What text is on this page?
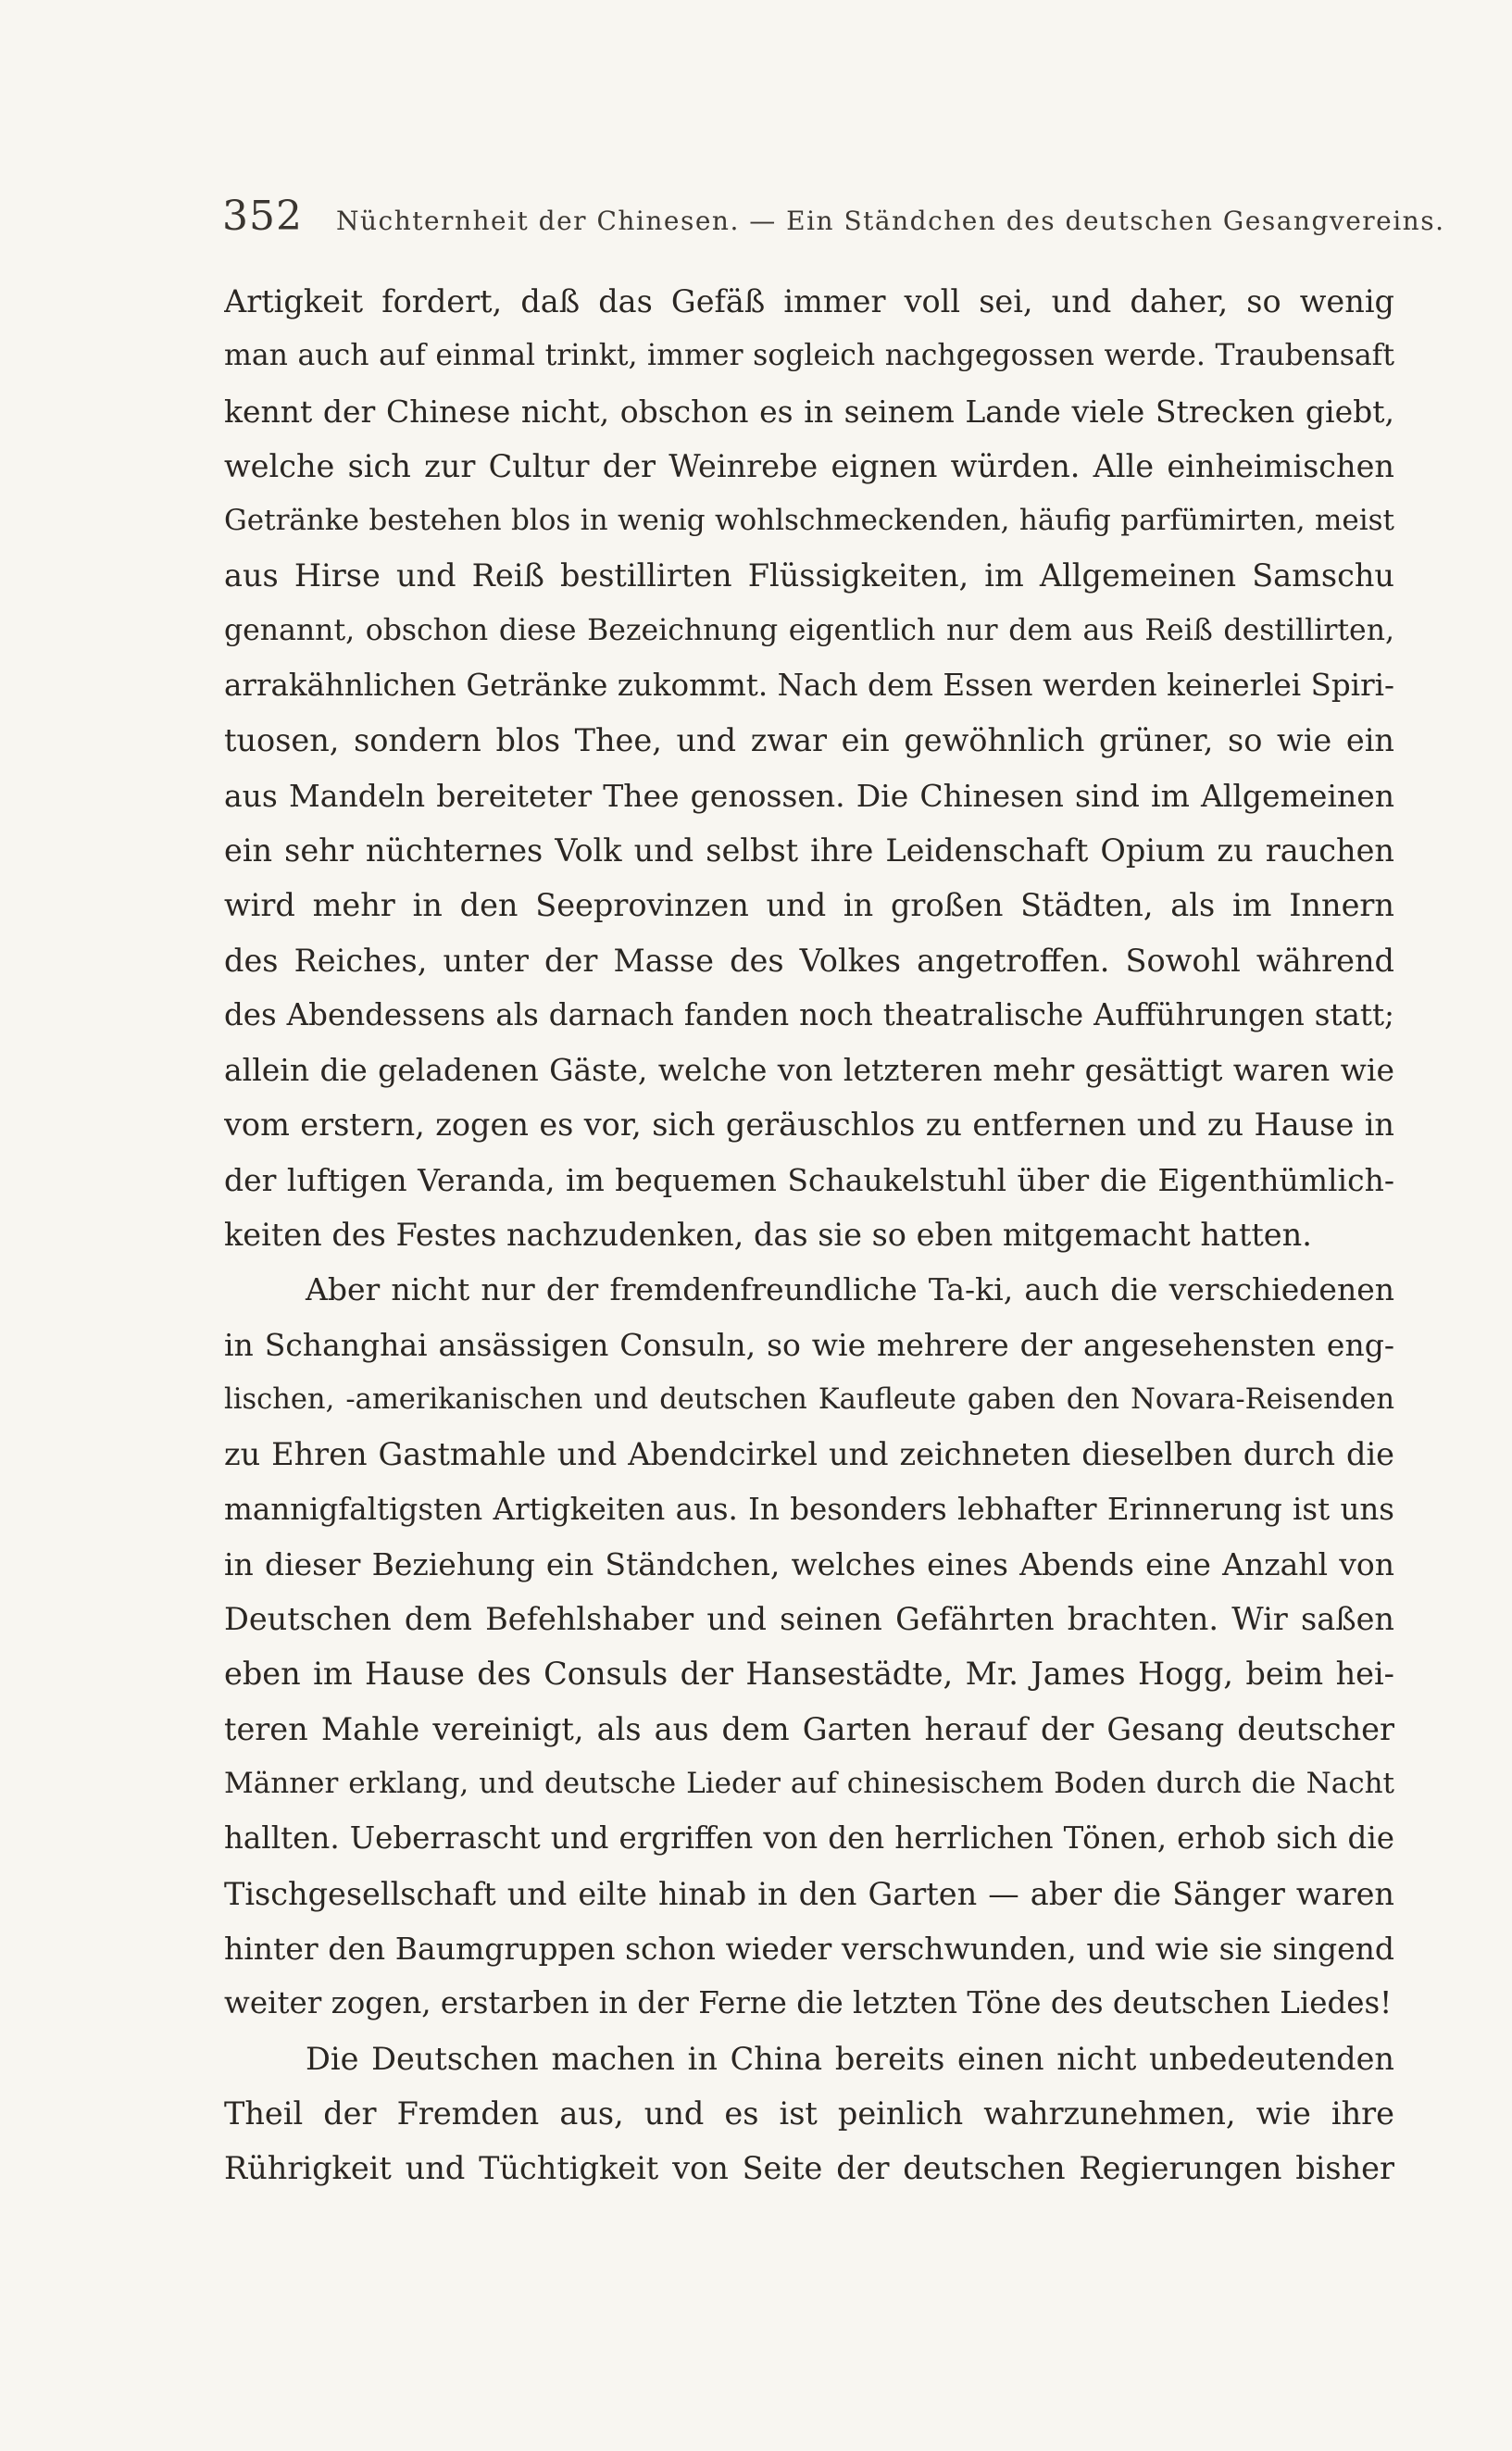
352 Nüchternheit der Chinesen. — Ein Ständchen des deutschen Gesangvereins.
Artigkeit fordert, daß das Gefäß immer voll sei, und daher, so wenig
man auch auf einmal trinkt, immer sogleich nachgegossen werde. Traubensaft
kennt der Chinese nicht, obschon es in seinem Lande viele Strecken giebt,
welche sich zur Cultur der Weinrebe eignen würden. Alle einheimischen
Getränke bestehen blos in wenig wohlschmeckenden, häufig parfümirten, meist
aus Hirse und Reiß bestillirten Flüssigkeiten, im Allgemeinen Samschu
genannt, obschon diese Bezeichnung eigentlich nur dem aus Reiß destillirten,
arrakähnlichen Getränke zukommt. Nach dem Essen werden keinerlei Spiri-
tuosen, sondern blos Thee, und zwar ein gewöhnlich grüner, so wie ein
aus Mandeln bereiteter Thee genossen. Die Chinesen sind im Allgemeinen
ein sehr nüchternes Volk und selbst ihre Leidenschaft Opium zu rauchen
wird mehr in den Seeprovinzen und in großen Städten, als im Innern
des Reiches, unter der Masse des Volkes angetroffen. Sowohl während
des Abendessens als darnach fanden noch theatralische Aufführungen statt;
allein die geladenen Gäste, welche von letzteren mehr gesättigt waren wie
vom erstern, zogen es vor, sich geräuschlos zu entfernen und zu Hause in
der luftigen Veranda, im bequemen Schaukelstuhl über die Eigenthümlich-
keiten des Festes nachzudenken, das sie so eben mitgemacht hatten.
Aber nicht nur der fremdenfreundliche Ta-ki, auch die verschiedenen
in Schanghai ansässigen Consuln, so wie mehrere der angesehensten eng-
lischen, -amerikanischen und deutschen Kaufleute gaben den Novara-Reisenden
zu Ehren Gastmahle und Abendcirkel und zeichneten dieselben durch die
mannigfaltigsten Artigkeiten aus. In besonders lebhafter Erinnerung ist uns
in dieser Beziehung ein Ständchen, welches eines Abends eine Anzahl von
Deutschen dem Befehlshaber und seinen Gefährten brachten. Wir saßen
eben im Hause des Consuls der Hansestädte, Mr. James Hogg, beim hei-
teren Mahle vereinigt, als aus dem Garten herauf der Gesang deutscher
Männer erklang, und deutsche Lieder auf chinesischem Boden durch die Nacht
hallten. Ueberrascht und ergriffen von den herrlichen Tönen, erhob sich die
Tischgesellschaft und eilte hinab in den Garten — aber die Sänger waren
hinter den Baumgruppen schon wieder verschwunden, und wie sie singend
weiter zogen, erstarben in der Ferne die letzten Töne des deutschen Liedes!
Die Deutschen machen in China bereits einen nicht unbedeutenden
Theil der Fremden aus, und es ist peinlich wahrzunehmen, wie ihre
Rührigkeit und Tüchtigkeit von Seite der deutschen Regierungen bisher
